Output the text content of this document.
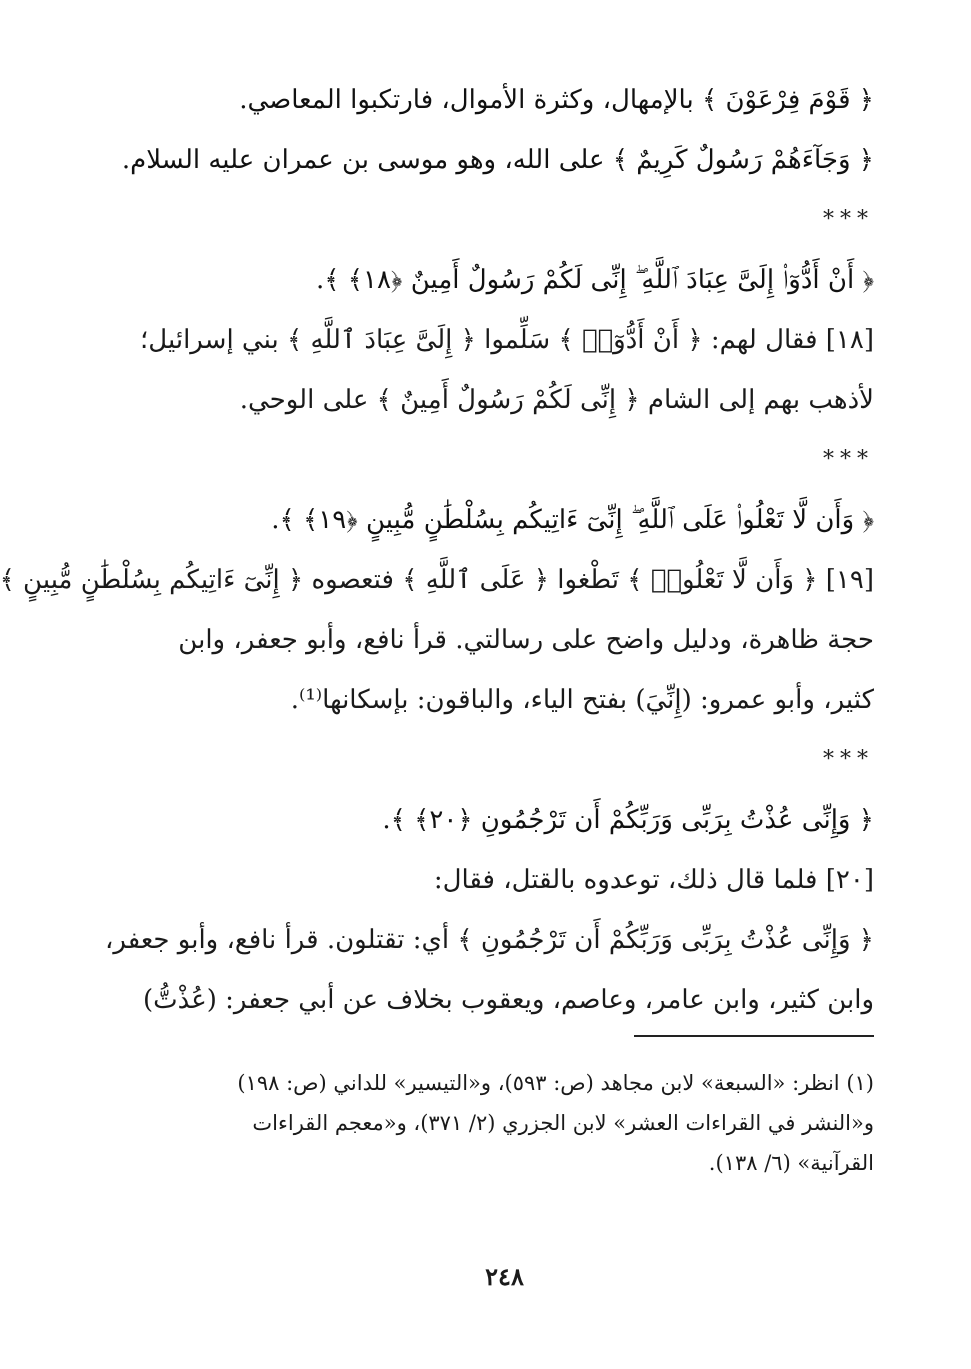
﴿ قَوْمَ فِرْعَوْنَ ﴾ بالإمهال، وكثرة الأموال، فارتكبوا المعاصي.

﴿ وَجَآءَهُمْ رَسُولٌ كَرِيمٌ ﴾ على الله، وهو موسى بن عمران عليه السلام.

***

﴿ أَنْ أَدُّوٓا۟ إِلَىَّ عِبَادَ ٱللَّهِ ۖ إِنِّى لَكُمْ رَسُولٌ أَمِينٌ ﴿١٨﴾ ﴾.

[١٨] فقال لهم: ﴿ أَنْ أَدُّوٓا۟ ﴾ سَلِّموا ﴿ إِلَىَّ عِبَادَ ٱللَّهِ ﴾ بني إسرائيل؛

لأذهب بهم إلى الشام ﴿ إِنِّى لَكُمْ رَسُولٌ أَمِينٌ ﴾ على الوحي.

***

﴿ وَأَن لَّا تَعْلُوا۟ عَلَى ٱللَّهِ ۖ إِنِّىٓ ءَاتِيكُم بِسُلْطَٰنٍ مُّبِينٍ ﴿١٩﴾ ﴾.

[١٩] ﴿ وَأَن لَّا تَعْلُوا۟ ﴾ تَطْغوا ﴿ عَلَى ٱللَّهِ ﴾ فتعصوه ﴿ إِنِّىٓ ءَاتِيكُم بِسُلْطَٰنٍ مُّبِينٍ ﴾

حجة ظاهرة، ودليل واضح على رسالتي. قرأ نافع، وأبو جعفر، وابن

كثير، وأبو عمرو: (إِنِّيَ) بفتح الياء، والباقون: بإسكانها⁽¹⁾.

***

﴿ وَإِنِّى عُذْتُ بِرَبِّى وَرَبِّكُمْ أَن تَرْجُمُونِ ﴿٢٠﴾ ﴾.

[٢٠] فلما قال ذلك، توعدوه بالقتل، فقال:

﴿ وَإِنِّى عُذْتُ بِرَبِّى وَرَبِّكُمْ أَن تَرْجُمُونِ ﴾ أي: تقتلون. قرأ نافع، وأبو جعفر،

وابن كثير، وابن عامر، وعاصم، ويعقوب بخلاف عن أبي جعفر: (عُذْتُّ)

(١) انظر: «السبعة» لابن مجاهد (ص: ٥٩٣)، و«التيسير» للداني (ص: ١٩٨)

و«النشر في القراءات العشر» لابن الجزري (٢/ ٣٧١)، و«معجم القراءات

القرآنية» (٦/ ١٣٨).

٢٤٨
